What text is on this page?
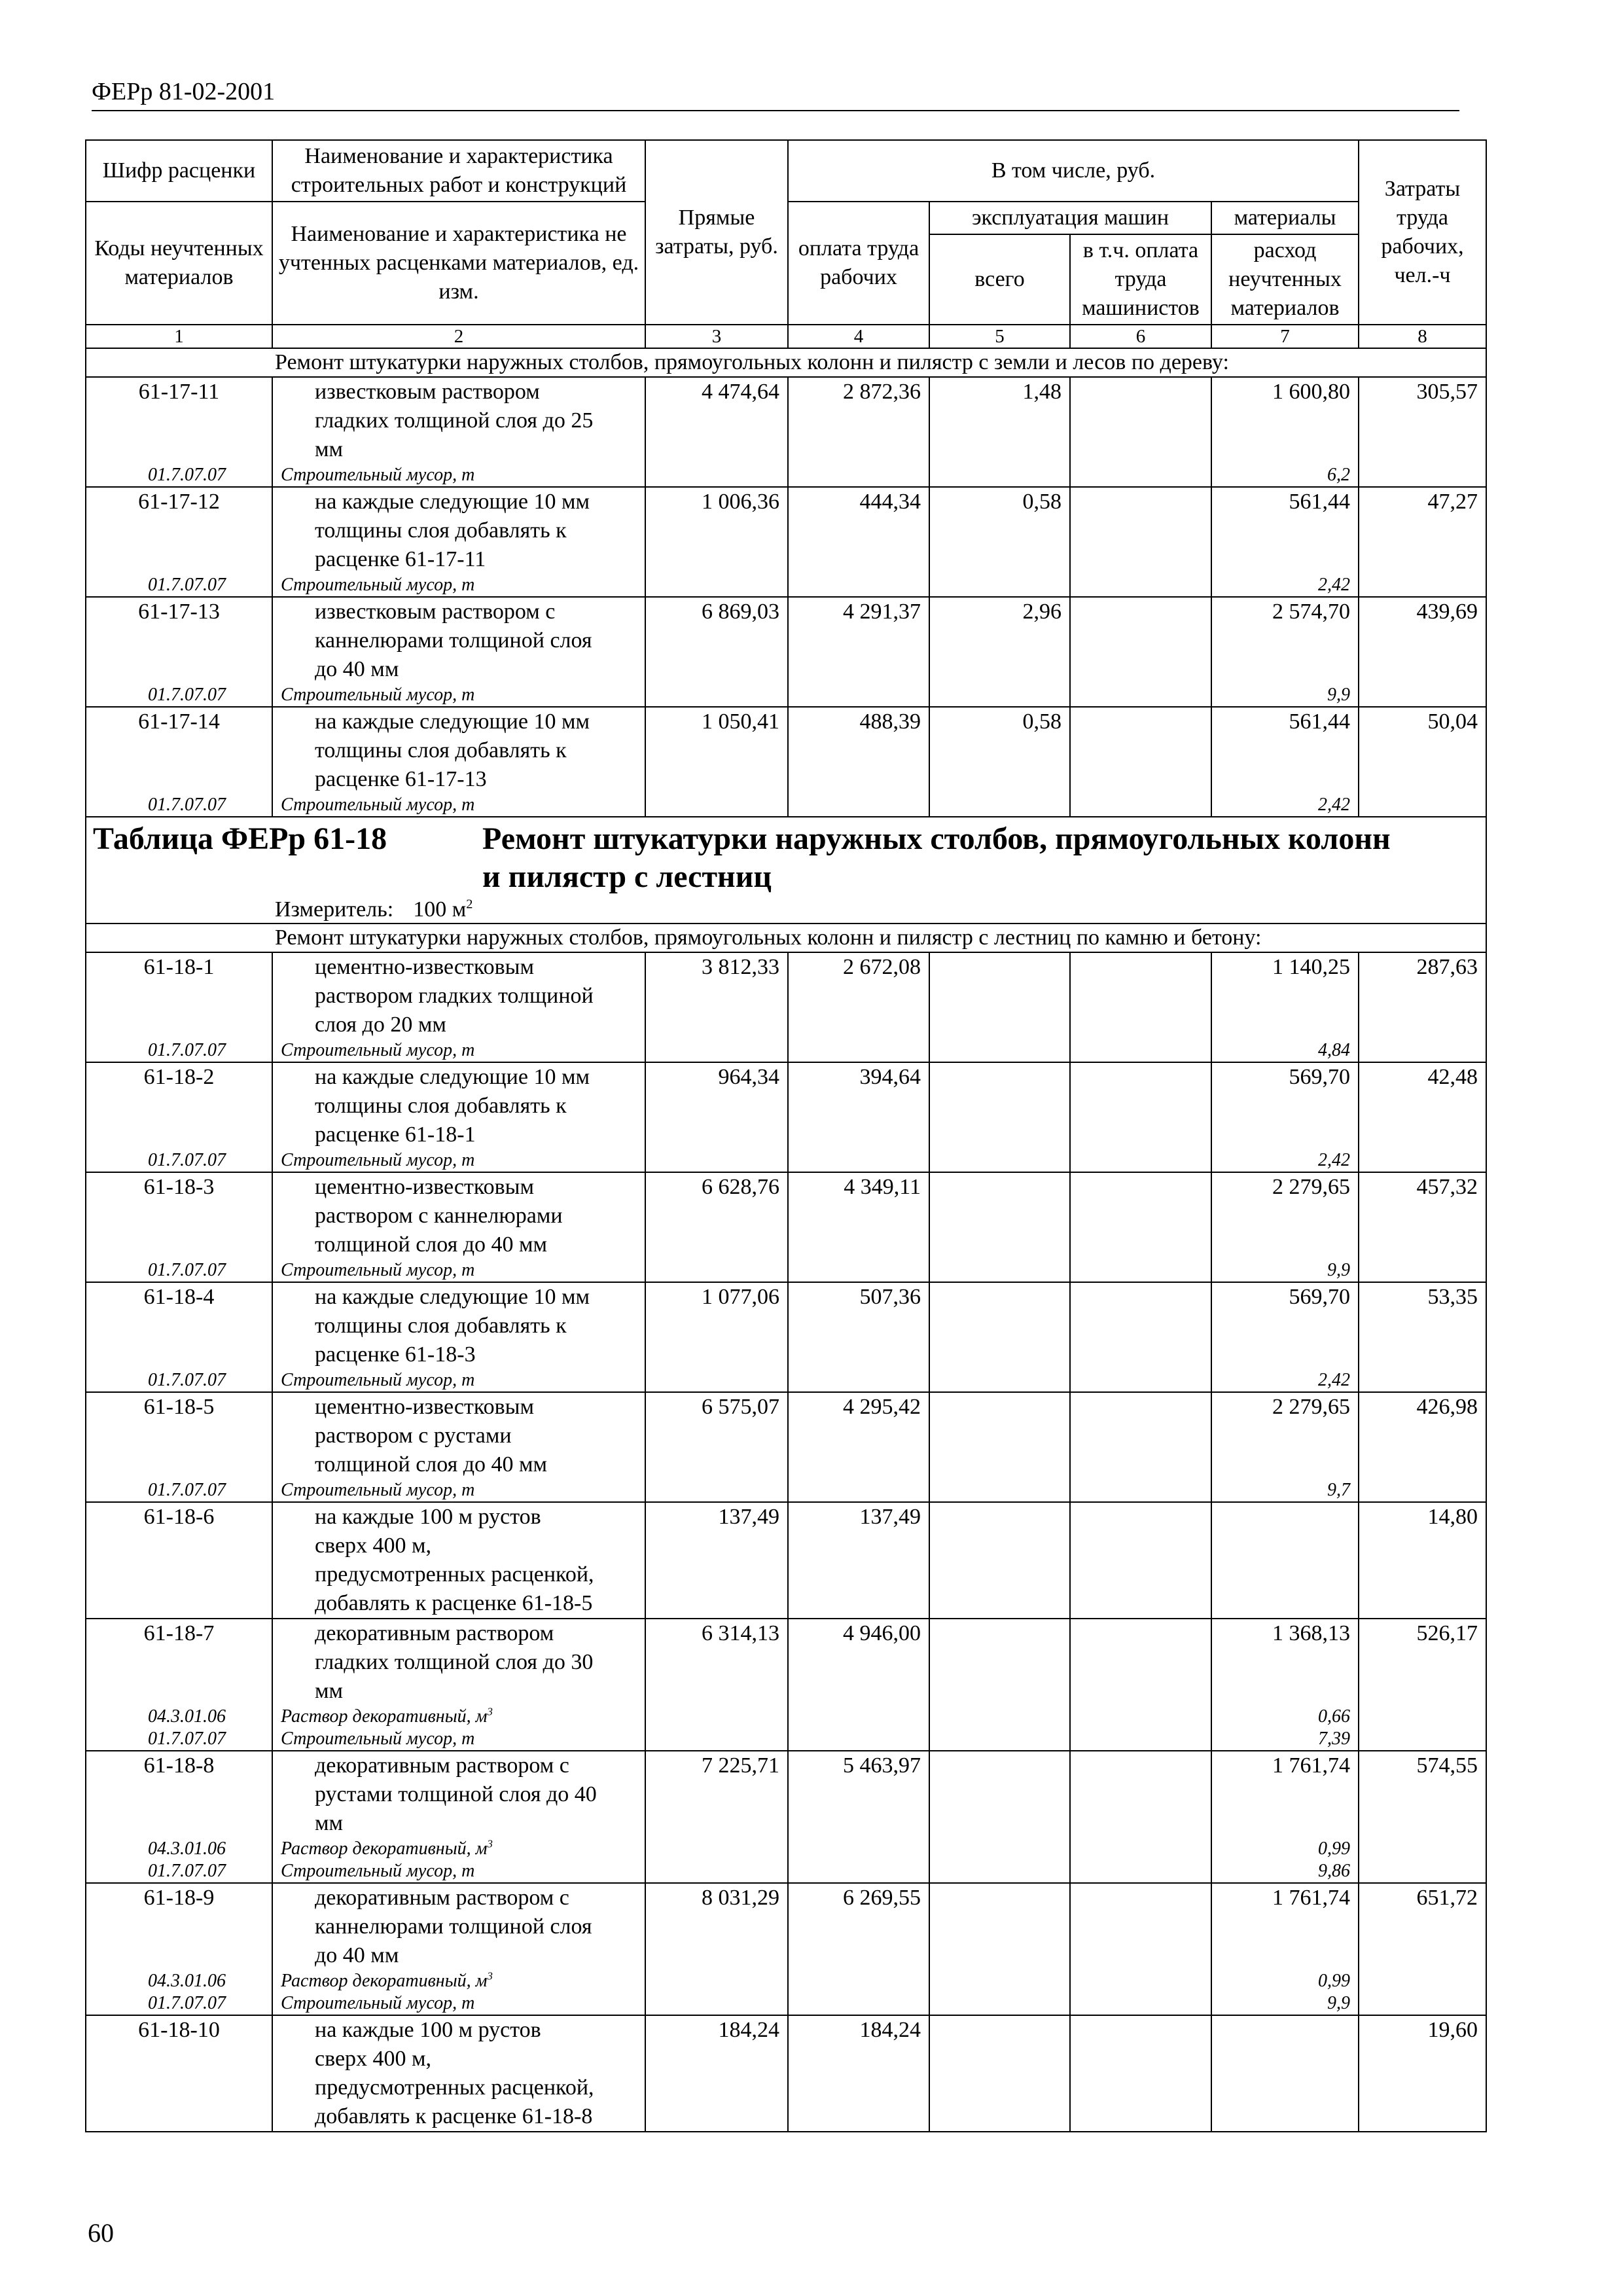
ФЕРр 81-02-2001
Шифр расценки	Наименование и характеристика строительных работ и конструкций	Прямые затраты, руб.	В том числе, руб.				Затраты труда рабочих, чел.-ч
Коды неучтенных материалов	Наименование и характеристика не учтенных расценками материалов, ед. изм.		оплата труда рабочих	эксплуатация машин		материалы	
				всего	в т.ч. оплата труда машинистов	расход неучтенных материалов	
1	2	3	4	5	6	7	8
Ремонт штукатурки наружных столбов, прямоугольных колонн и пилястр с земли и лесов по дереву:							
61-17-11	известковым раствором	4 474,64	2 872,36	1,48		1 600,80	305,57
	гладких толщиной слоя до 25						
	мм						
01.7.07.07	Строительный мусор, т					6,2	
61-17-12	на каждые следующие 10 мм	1 006,36	444,34	0,58		561,44	47,27
	толщины слоя добавлять к						
	расценке 61-17-11						
01.7.07.07	Строительный мусор, т					2,42	
61-17-13	известковым раствором с	6 869,03	4 291,37	2,96		2 574,70	439,69
	каннелюрами толщиной слоя						
	до 40 мм						
01.7.07.07	Строительный мусор, т					9,9	
61-17-14	на каждые следующие 10 мм	1 050,41	488,39	0,58		561,44	50,04
	толщины слоя добавлять к						
	расценке 61-17-13						
01.7.07.07	Строительный мусор, т					2,42	

Таблица ФЕРр 61-18 Ремонт штукатурки наружных столбов, прямоугольных колонн
и пилястр с лестниц							

Измеритель: 100 $м^2$
Ремонт штукатурки наружных столбов, прямоугольных колонн и пилястр с лестниц по камню и бетону:							
61-18-1	цементно-известковым	3 812,33	2 672,08			1 140,25	287,63
	раствором гладких толщиной						
	слоя до 20 мм						
01.7.07.07	Строительный мусор, т					4,84	
61-18-2	на каждые следующие 10 мм	964,34	394,64			569,70	42,48
	толщины слоя добавлять к						
	расценке 61-18-1						
01.7.07.07	Строительный мусор, т					2,42	
61-18-3	цементно-известковым	6 628,76	4 349,11			2 279,65	457,32
	раствором с каннелюрами						
	толщиной слоя до 40 мм						
01.7.07.07	Строительный мусор, т					9,9	
61-18-4	на каждые следующие 10 мм	1 077,06	507,36			569,70	53,35
	толщины слоя добавлять к						
	расценке 61-18-3						
01.7.07.07	Строительный мусор, т					2,42	
61-18-5	цементно-известковым	6 575,07	4 295,42			2 279,65	426,98
	раствором с рустами						
	толщиной слоя до 40 мм						
01.7.07.07	Строительный мусор, т					9,7	
61-18-6	на каждые 100 м рустов	137,49	137,49				14,80
	сверх 400 м,						
	предусмотренных расценкой,						
	добавлять к расценке 61-18-5						
61-18-7	декоративным раствором	6 314,13	4 946,00			1 368,13	526,17
	гладких толщиной слоя до 30						
	мм						
04.3.01.06	Раствор декоративный, $м^3$					0,66	
01.7.07.07	Строительный мусор, т					7,39	
61-18-8	декоративным раствором с	7 225,71	5 463,97			1 761,74	574,55
	рустами толщиной слоя до 40						
	мм						
04.3.01.06	Раствор декоративный, $м^3$					0,99	
01.7.07.07	Строительный мусор, т					9,86	
61-18-9	декоративным раствором с	8 031,29	6 269,55			1 761,74	651,72
	каннелюрами толщиной слоя						
	до 40 мм						
04.3.01.06	Раствор декоративный, $м^3$					0,99	
01.7.07.07	Строительный мусор, т					9,9	
61-18-10	на каждые 100 м рустов	184,24	184,24				19,60
	сверх 400 м,						
	предусмотренных расценкой,						
	добавлять к расценке 61-18-8						
60
